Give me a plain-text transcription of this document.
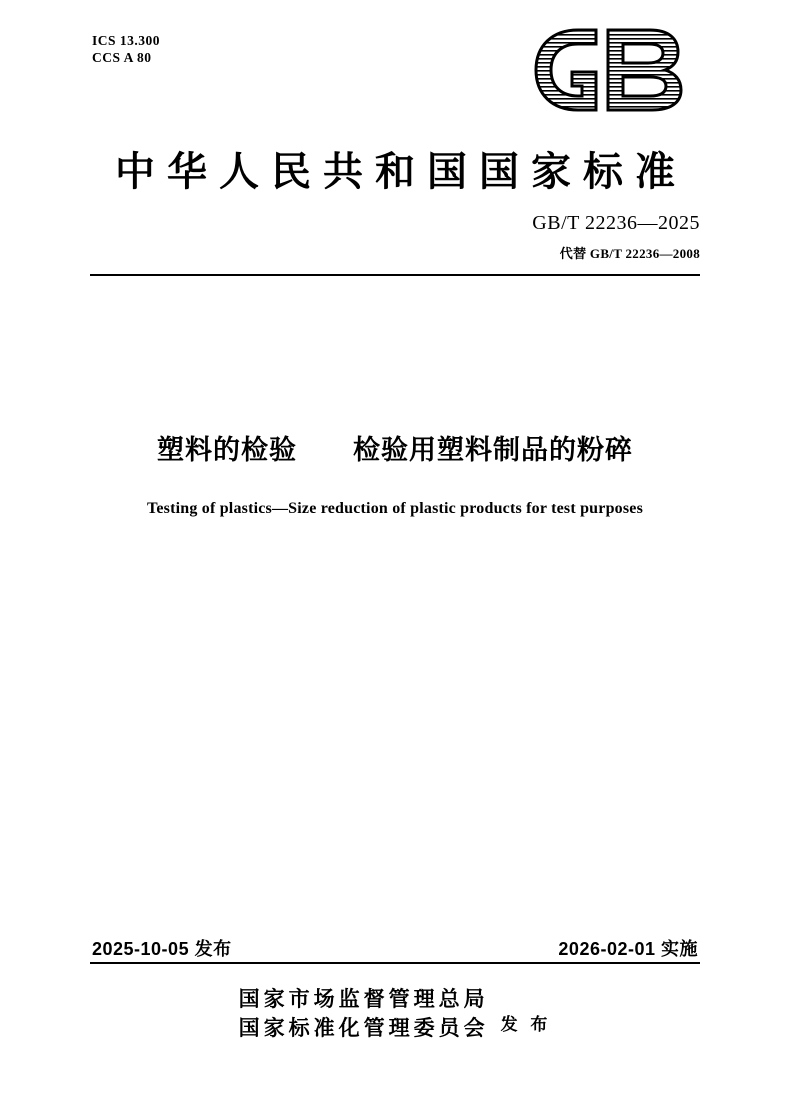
ICS 13.300
CCS A 80
中华人民共和国国家标准
GB/T 22236—2025
代替 GB/T 22236—2008
塑料的检验　　检验用塑料制品的粉碎
Testing of plastics—Size reduction of plastic products for test purposes
2025-10-05 发布	2026-02-01 实施
国家市场监督管理总局
国家标准化管理委员会 发 布
